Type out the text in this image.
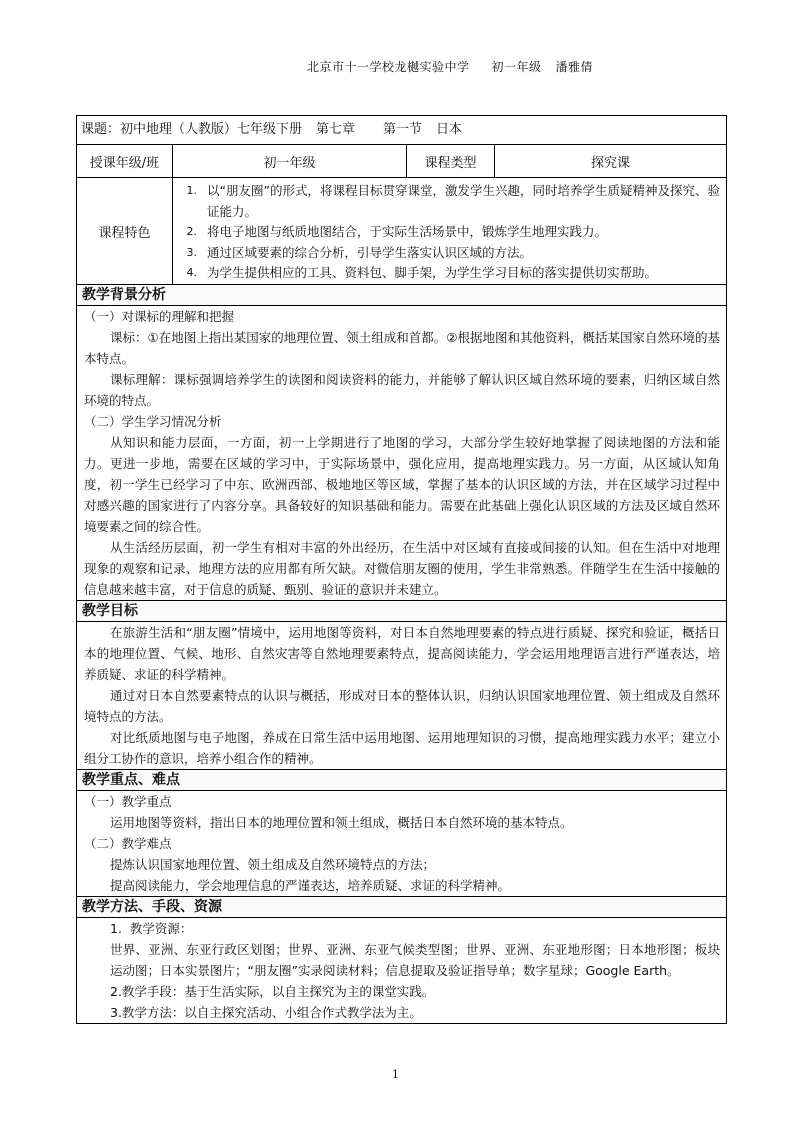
北京市十一学校龙樾实验中学 初一年级 潘雅倩
课题：初中地理（人教版）七年级下册 第七章 第一节 日本
授课年级/班	初一年级	课程类型	探究课
课程特色
1. 以“朋友圈”的形式，将课程目标贯穿课堂，激发学生兴趣，同时培养学生质疑精神及探究、验证能力。
2. 将电子地图与纸质地图结合，于实际生活场景中，锻炼学生地理实践力。
3. 通过区域要素的综合分析，引导学生落实认识区域的方法。
4. 为学生提供相应的工具、资料包、脚手架，为学生学习目标的落实提供切实帮助。
教学背景分析
（一）对课标的理解和把握

课标：①在地图上指出某国家的地理位置、领土组成和首都。②根据地图和其他资料，概括某国家自然环境的基本特点。

课标理解：课标强调培养学生的读图和阅读资料的能力，并能够了解认识区域自然环境的要素，归纳区域自然环境的特点。

（二）学生学习情况分析

从知识和能力层面，一方面，初一上学期进行了地图的学习，大部分学生较好地掌握了阅读地图的方法和能力。更进一步地，需要在区域的学习中，于实际场景中，强化应用，提高地理实践力。另一方面，从区域认知角度，初一学生已经学习了中东、欧洲西部、极地地区等区域，掌握了基本的认识区域的方法，并在区域学习过程中对感兴趣的国家进行了内容分享。具备较好的知识基础和能力。需要在此基础上强化认识区域的方法及区域自然环境要素之间的综合性。

从生活经历层面，初一学生有相对丰富的外出经历，在生活中对区域有直接或间接的认知。但在生活中对地理现象的观察和记录、地理方法的应用都有所欠缺。对微信朋友圈的使用，学生非常熟悉。伴随学生在生活中接触的信息越来越丰富，对于信息的质疑、甄别、验证的意识并未建立。

教学目标

在旅游生活和“朋友圈”情境中，运用地图等资料，对日本自然地理要素的特点进行质疑、探究和验证，概括日本的地理位置、气候、地形、自然灾害等自然地理要素特点，提高阅读能力，学会运用地理语言进行严谨表达，培养质疑、求证的科学精神。

通过对日本自然要素特点的认识与概括，形成对日本的整体认识，归纳认识国家地理位置、领土组成及自然环境特点的方法。

对比纸质地图与电子地图，养成在日常生活中运用地图、运用地理知识的习惯，提高地理实践力水平；建立小组分工协作的意识，培养小组合作的精神。

教学重点、难点
（一）教学重点

运用地图等资料，指出日本的地理位置和领土组成，概括日本自然环境的基本特点。

（二）教学难点

提炼认识国家地理位置、领土组成及自然环境特点的方法；

提高阅读能力，学会地理信息的严谨表达，培养质疑、求证的科学精神。

教学方法、手段、资源
1. 教学资源：
世界、亚洲、东亚行政区划图；世界、亚洲、东亚气候类型图；世界、亚洲、东亚地形图；日本地形图；板块运动图；日本实景图片；“朋友圈”实录阅读材料；信息提取及验证指导单；数字星球；Google Earth。
2.教学手段：基于生活实际，以自主探究为主的课堂实践。
3.教学方法：以自主探究活动、小组合作式教学法为主。
1
